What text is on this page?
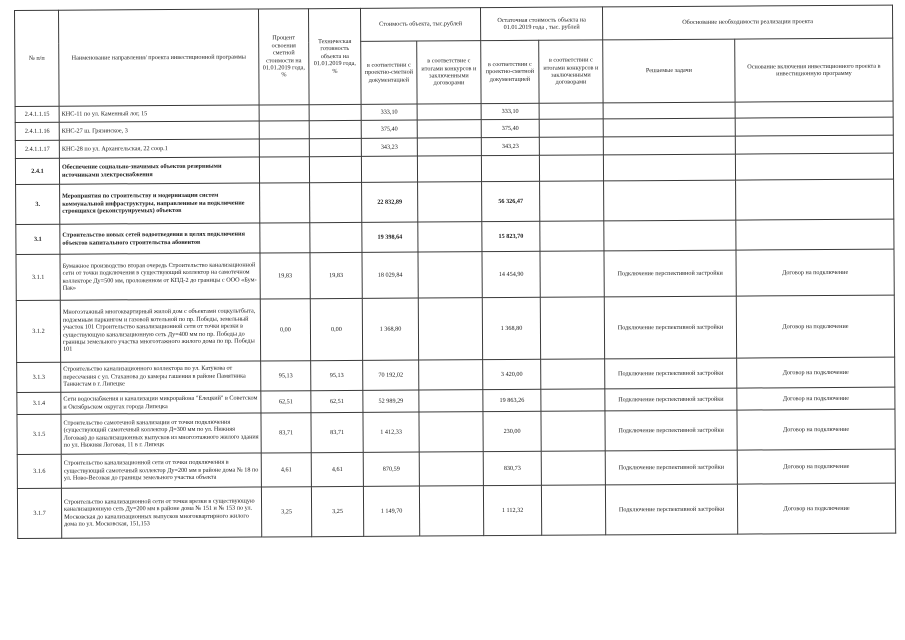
№ п/п	Наименование направления/ проекта инвестиционной программы	Процент освоения сметной стоимости на 01.01.2019 года, %	Техническая готовность объекта на 01.01.2019 года, %	Стоимость объекта, тыс.рублей		Остаточная стоимость объекта на 01.01.2019 года , тыс. рублей		Обоснование необходимости реализации проекта	
				в соответствии с проектно-сметной документацией	в соответствие с итогами конкурсов и заключенными договорами	в соответствии с проектно-сметной документацией	в соответствии с итогами конкурсов и заключенными договорами	Решаемые задачи	Основание включения инвестиционного проекта в инвестиционную программу
2.4.1.1.15	КНС-11 по ул. Каменный лог, 15			333,10		333,10			
2.4.1.1.16	КНС-27 ш. Грязинское, 3			375,40		375,40			
2.4.1.1.17	КНС-28 по ул. Архангельская, 22 соор.1			343,23		343,23			
2.4.1	Обеспечение социально-значимых объектов резервными источниками электроснабжения								
3.	Мероприятия по строительству и модернизации систем коммунальной инфраструктуры, направленные на подключение строящихся (реконструируемых) объектов			22 832,89		56 326,47			
3.1	Строительство новых сетей водоотведения в целях подключения объектов капитального строительства абонентов			19 398,64		15 823,70			
3.1.1	Бумажное производство вторая очередь Строительство канализационной сети от точки подключения в существующий коллектор на самотечном коллекторе Ду=500 мм, проложенном от КПД-2 до границы с ООО «Бум-Пак»	19,83	19,83	18 029,84		14 454,90		Подключение перспективной застройки	Договор на подключение
3.1.2	Многоэтажный многоквартирный жилой дом с объектами соцкультбыта, подземным паркингом и газовой котельной по пр. Победы, земельный участок 101 Строительство канализационной сети от точки врезки в существующую канализационную сеть Ду=400 мм по пр. Победы до границы земельного участка многоэтажного жилого дома по пр. Победы 101	0,00	0,00	1 368,80		1 368,80		Подключение перспективной застройки	Договор на подключение
3.1.3	Строительство канализационного коллектора по ул. Катукова от пересечения с ул. Стаханова до камеры гашения в районе Памятника Танкистам в г. Липецке	95,13	95,13	70 192,02		3 420,00		Подключение перспективной застройки	Договор на подключение
3.1.4	Сети водоснабжения и канализации микрорайона "Елецкий" в Советском и Октябрьском округах города Липецка	62,51	62,51	52 989,29		19 863,26		Подключение перспективной застройки	Договор на подключение
3.1.5	Строительство самотечной канализации от точки подключения (существующий самотечный коллектор Д=300 мм по ул. Нижняя Логовая) до канализационных выпусков из многоэтажного жилого здания по ул. Нижняя Логовая, 11 в г. Липецк	83,71	83,71	1 412,33		230,00		Подключение перспективной застройки	Договор на подключение
3.1.6	Строительство канализационной сети от точки подключения в существующий самотечный коллектор Ду=200 мм в районе дома № 18 по ул. Ново-Весовая до границы земельного участка объекта	4,61	4,61	870,59		830,73		Подключение перспективной застройки	Договор на подключение
3.1.7	Строительство канализационной сети от точки врезки в существующую канализационную сеть Ду=200 мм в районе дома № 151 и № 153 по ул. Московская до канализационных выпусков многоквартирного жилого дома по ул. Московская, 151,153	3,25	3,25	1 149,70		1 112,32		Подключение перспективной застройки	Договор на подключение
